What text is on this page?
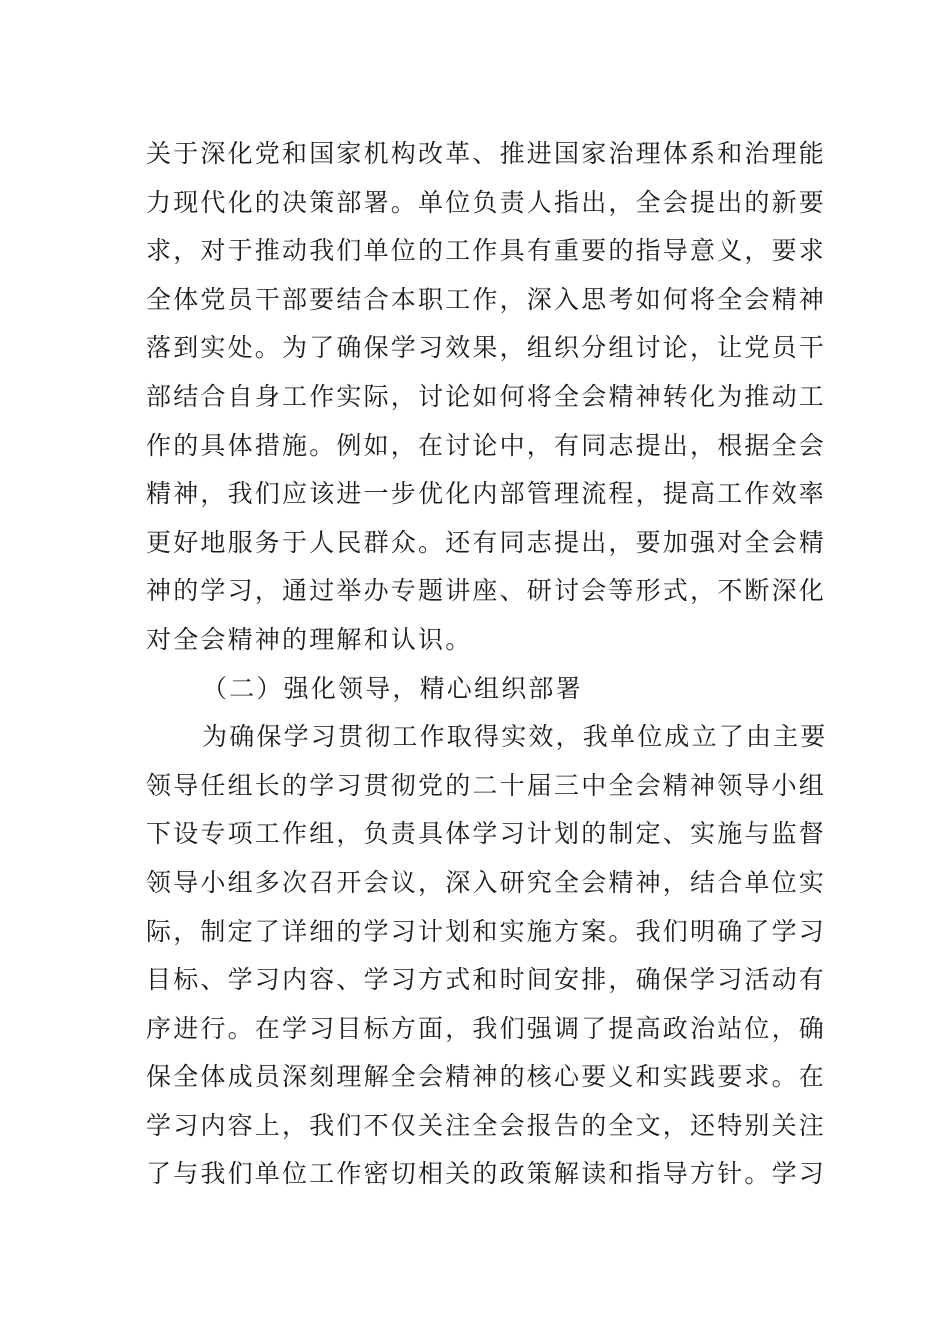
关于深化党和国家机构改革、推进国家治理体系和治理能
力现代化的决策部署。单位负责人指出，全会提出的新要
求，对于推动我们单位的工作具有重要的指导意义，要求
全体党员干部要结合本职工作，深入思考如何将全会精神
落到实处。为了确保学习效果，组织分组讨论，让党员干
部结合自身工作实际，讨论如何将全会精神转化为推动工
作的具体措施。例如，在讨论中，有同志提出，根据全会
精神，我们应该进一步优化内部管理流程，提高工作效率
更好地服务于人民群众。还有同志提出，要加强对全会精
神的学习，通过举办专题讲座、研讨会等形式，不断深化
对全会精神的理解和认识。
（二）强化领导，精心组织部署
为确保学习贯彻工作取得实效，我单位成立了由主要
领导任组长的学习贯彻党的二十届三中全会精神领导小组
下设专项工作组，负责具体学习计划的制定、实施与监督
领导小组多次召开会议，深入研究全会精神，结合单位实
际，制定了详细的学习计划和实施方案。我们明确了学习
目标、学习内容、学习方式和时间安排，确保学习活动有
序进行。在学习目标方面，我们强调了提高政治站位，确
保全体成员深刻理解全会精神的核心要义和实践要求。在
学习内容上，我们不仅关注全会报告的全文，还特别关注
了与我们单位工作密切相关的政策解读和指导方针。学习
